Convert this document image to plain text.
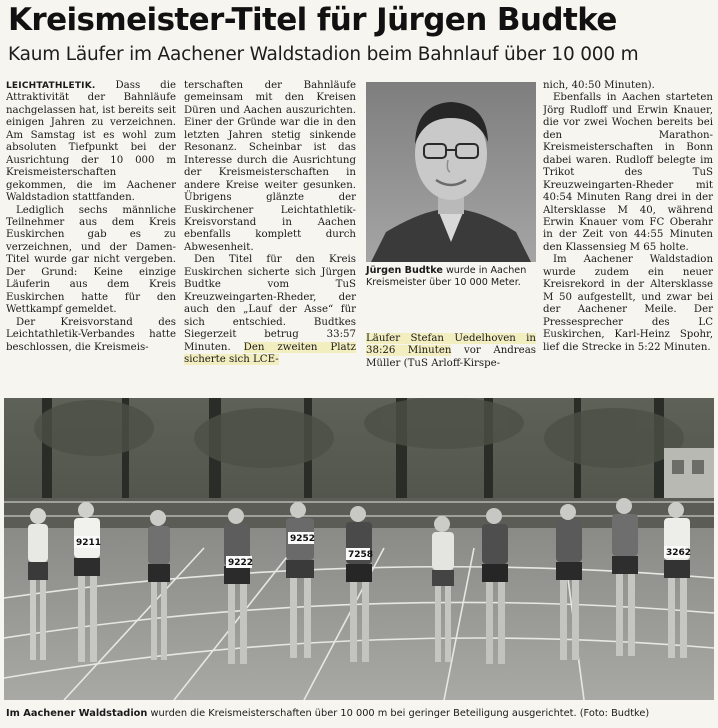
Kreismeister-Titel für Jürgen Budtke
Kaum Läufer im Aachener Waldstadion beim Bahnlauf über 10 000 m

LEICHTATHLETIK. Dass die Attraktivität der Bahnläufe nachgelassen hat, ist bereits seit einigen Jahren zu verzeichnen. Am Samstag ist es wohl zum absoluten Tiefpunkt bei der Ausrichtung der 10 000 m Kreismeisterschaften gekommen, die im Aachener Waldstadion stattfanden.

Lediglich sechs männliche Teilnehmer aus dem Kreis Euskirchen gab es zu verzeichnen, und der Damen-Titel wurde gar nicht vergeben. Der Grund: Keine einzige Läuferin aus dem Kreis Euskirchen hatte für den Wettkampf gemeldet.

Der Kreisvorstand des Leichtathletik-Verbandes hatte beschlossen, die Kreismeis-

terschaften der Bahnläufe gemeinsam mit den Kreisen Düren und Aachen auszurichten. Einer der Gründe war die in den letzten Jahren stetig sinkende Resonanz. Scheinbar ist das Interesse durch die Ausrichtung der Kreismeisterschaften in andere Kreise weiter gesunken. Übrigens glänzte der Euskirchener Leichtathletik-Kreisvorstand in Aachen ebenfalls komplett durch Abwesenheit.

Den Titel für den Kreis Euskirchen sicherte sich Jürgen Budtke vom TuS Kreuzweingarten-Rheder, der auch den „Lauf der Asse“ für sich entschied. Budtkes Siegerzeit betrug 33:57 Minuten. Den zweiten Platz sicherte sich LCE-

Jürgen Budtke wurde in Aachen Kreismeister über 10 000 Meter.

Läufer Stefan Uedelhoven in 38:26 Minuten vor Andreas Müller (TuS Arloff-Kirspe-

nich, 40:50 Minuten).

Ebenfalls in Aachen starteten Jörg Rudloff und Erwin Knauer, die vor zwei Wochen bereits bei den Marathon-Kreismeisterschaften in Bonn dabei waren. Rudloff belegte im Trikot des TuS Kreuzweingarten-Rheder mit 40:54 Minuten Rang drei in der Altersklasse M 40, während Erwin Knauer vom FC Oberahr in der Zeit von 44:55 Minuten den Klassensieg M 65 holte.

Im Aachener Waldstadion wurde zudem ein neuer Kreisrekord in der Altersklasse M 50 aufgestellt, und zwar bei der Aachener Meile. Der Pressesprecher des LC Euskirchen, Karl-Heinz Spohr, lief die Strecke in 5:22 Minuten.

9211	9252
9222
7258	3262
Im Aachener Waldstadion wurden die Kreismeisterschaften über 10 000 m bei geringer Beteiligung ausgerichtet. (Foto: Budtke)
